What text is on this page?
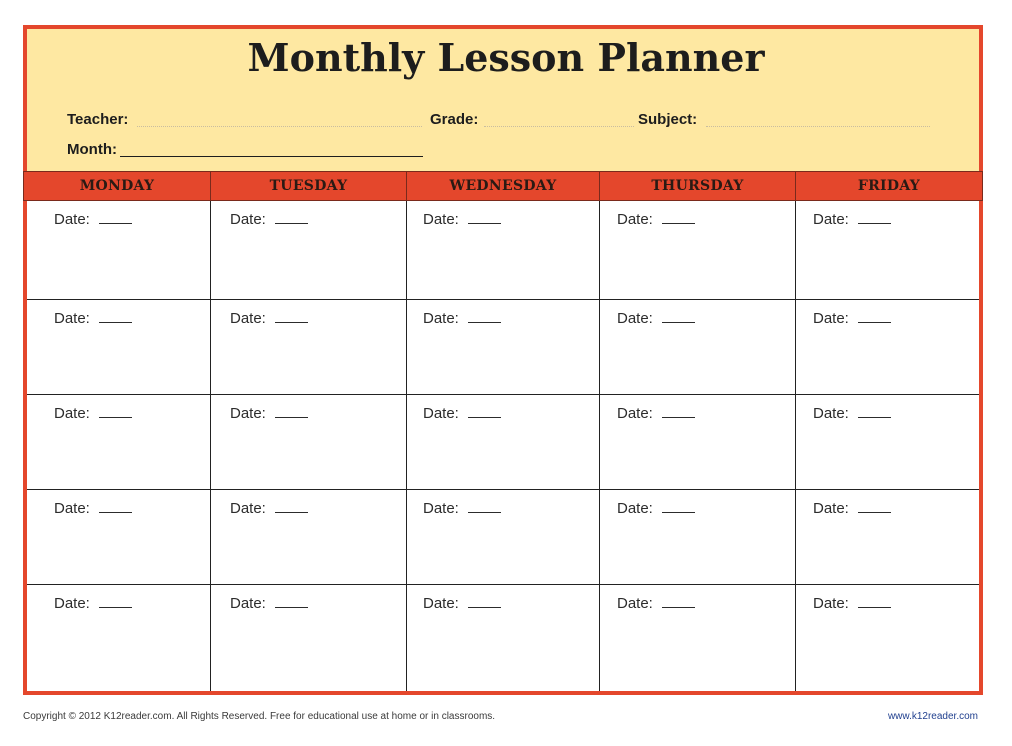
Monthly Lesson Planner
Teacher:	Grade:	Subject:
Month:
MONDAY	TUESDAY	WEDNESDAY	THURSDAY	FRIDAY
Date:	Date:	Date:	Date:	Date:
Date:	Date:	Date:	Date:	Date:
Date:	Date:	Date:	Date:	Date:
Date:	Date:	Date:	Date:	Date:
Date:	Date:	Date:	Date:	Date:
Copyright © 2012 K12reader.com. All Rights Reserved. Free for educational use at home or in classrooms.	www.k12reader.com
